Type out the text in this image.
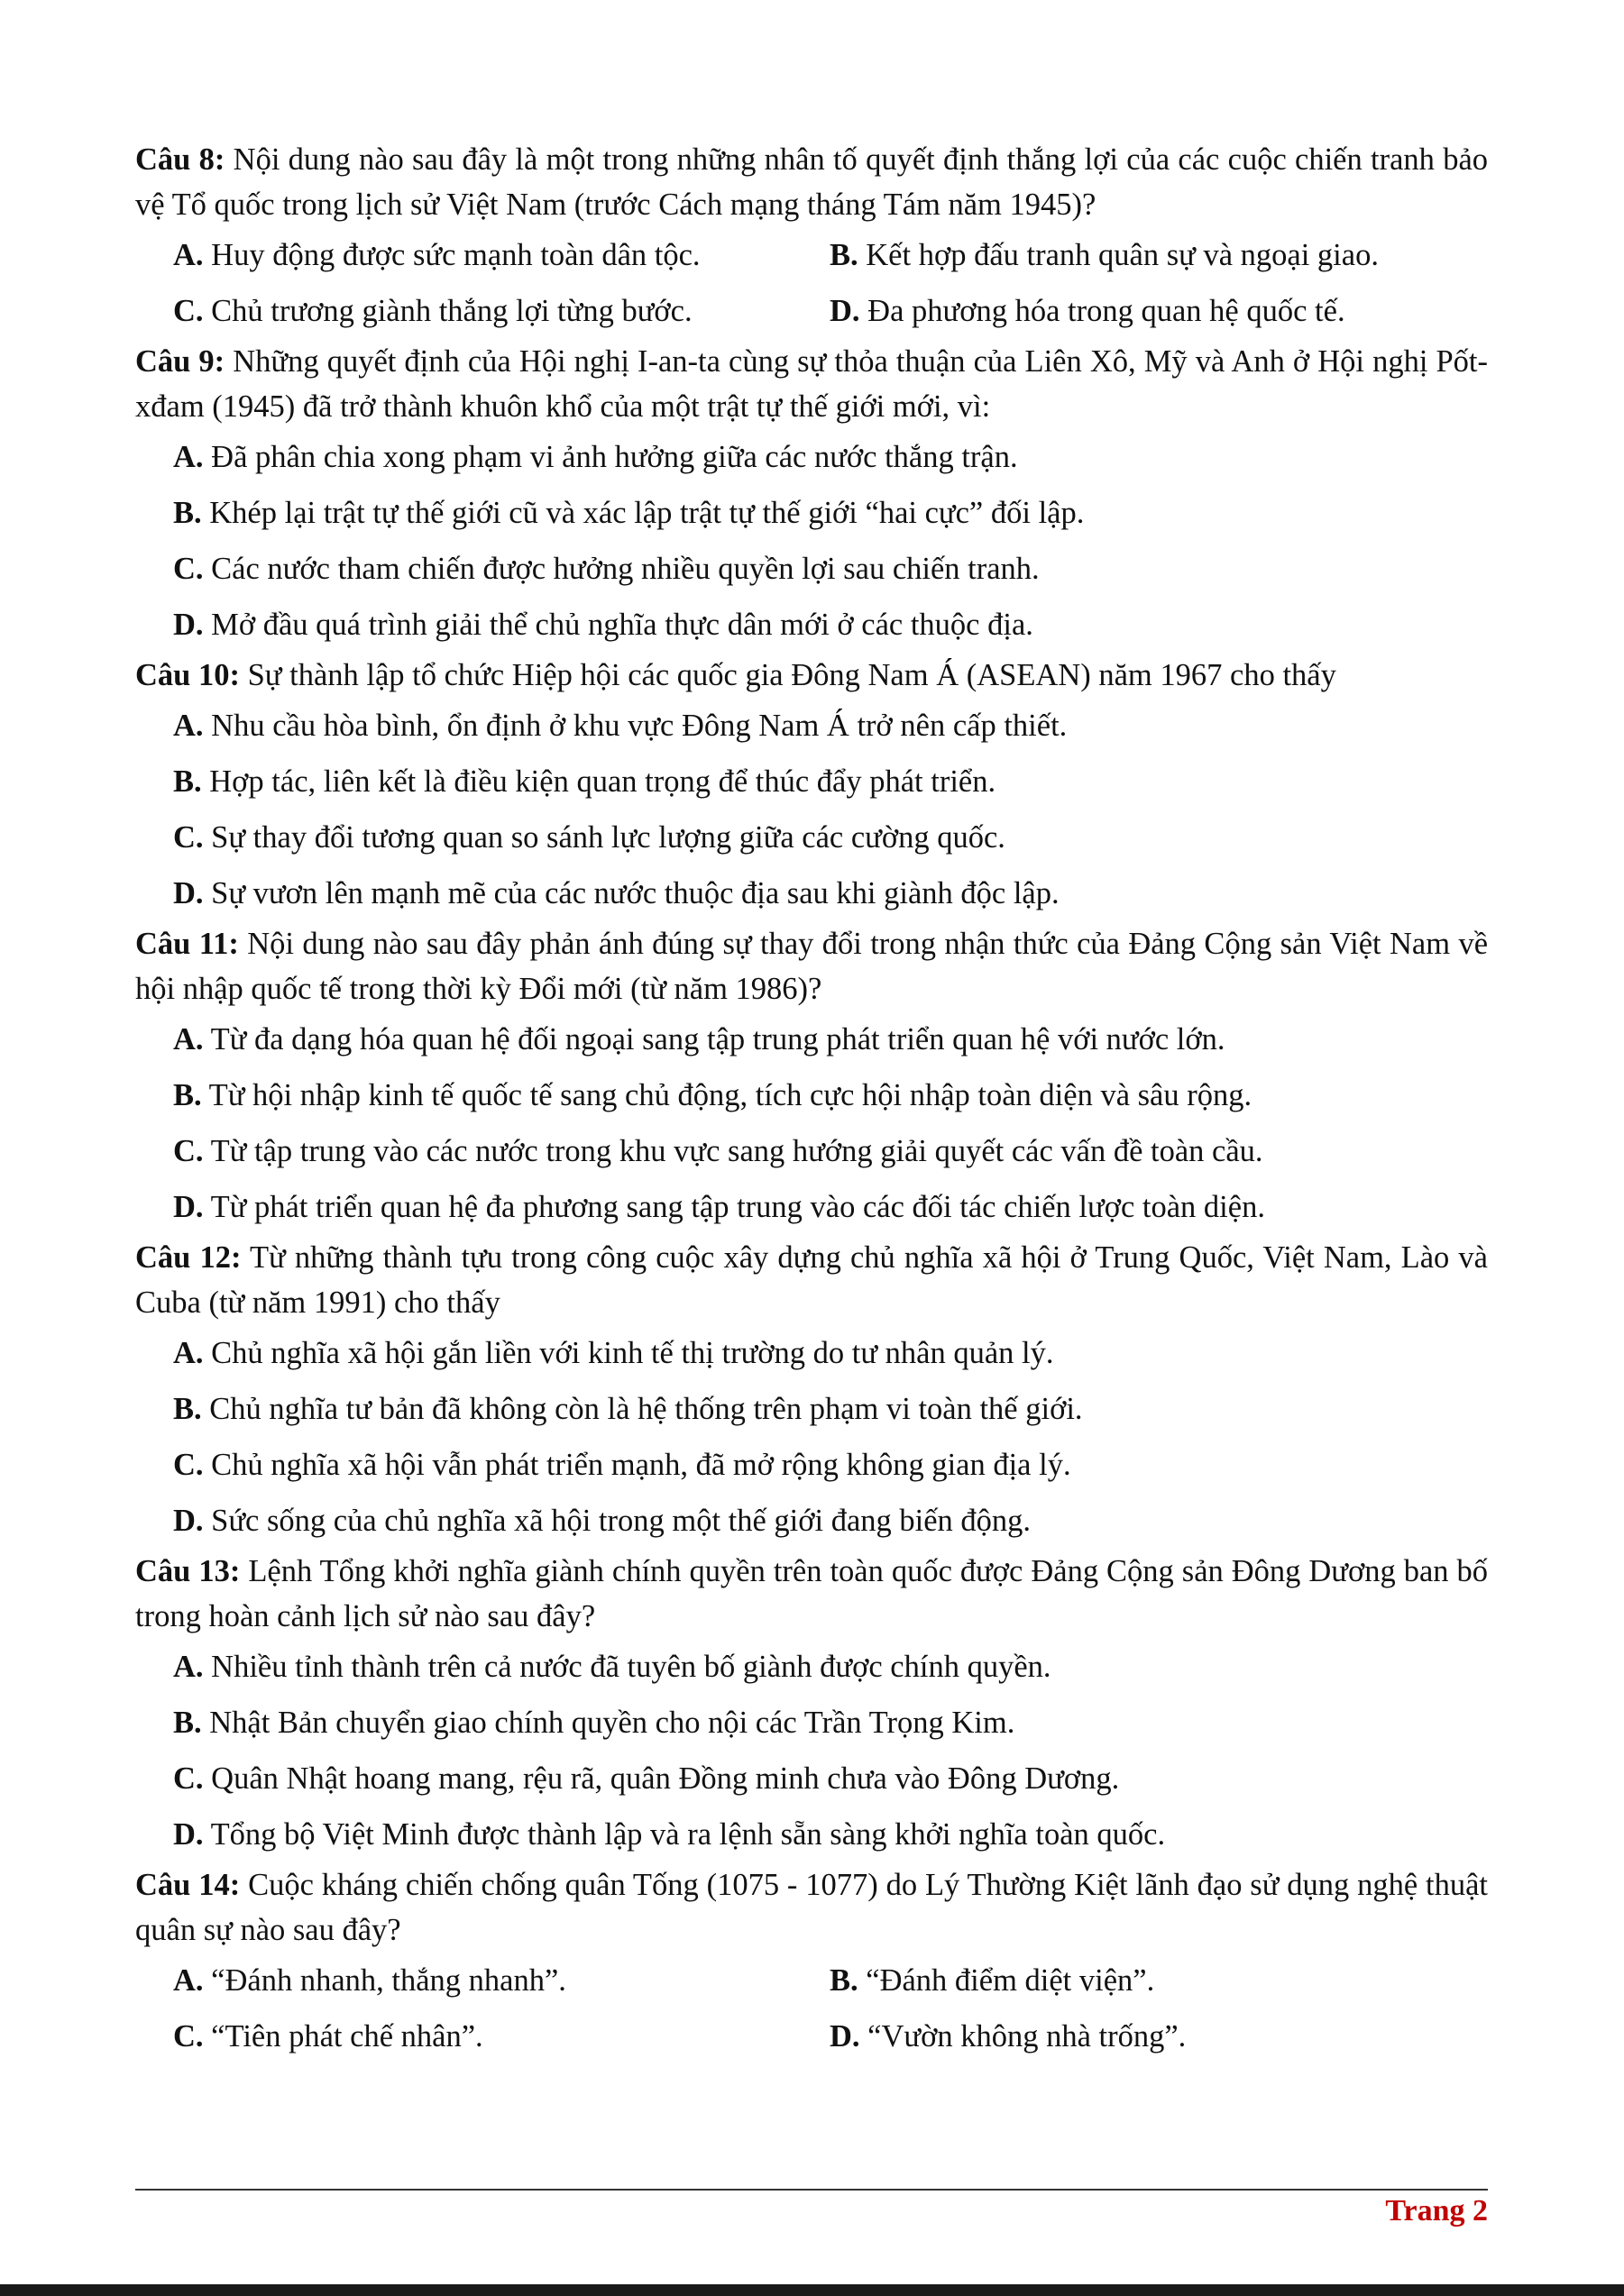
Câu 8: Nội dung nào sau đây là một trong những nhân tố quyết định thắng lợi của các cuộc chiến tranh bảo vệ Tổ quốc trong lịch sử Việt Nam (trước Cách mạng tháng Tám năm 1945)?

A. Huy động được sức mạnh toàn dân tộc.	B. Kết hợp đấu tranh quân sự và ngoại giao.
C. Chủ trương giành thắng lợi từng bước.	D. Đa phương hóa trong quan hệ quốc tế.

Câu 9: Những quyết định của Hội nghị I-an-ta cùng sự thỏa thuận của Liên Xô, Mỹ và Anh ở Hội nghị Pốt-xđam (1945) đã trở thành khuôn khổ của một trật tự thế giới mới, vì:

A. Đã phân chia xong phạm vi ảnh hưởng giữa các nước thắng trận.
B. Khép lại trật tự thế giới cũ và xác lập trật tự thế giới “hai cực” đối lập.
C. Các nước tham chiến được hưởng nhiều quyền lợi sau chiến tranh.
D. Mở đầu quá trình giải thể chủ nghĩa thực dân mới ở các thuộc địa.

Câu 10: Sự thành lập tổ chức Hiệp hội các quốc gia Đông Nam Á (ASEAN) năm 1967 cho thấy

A. Nhu cầu hòa bình, ổn định ở khu vực Đông Nam Á trở nên cấp thiết.
B. Hợp tác, liên kết là điều kiện quan trọng để thúc đẩy phát triển.
C. Sự thay đổi tương quan so sánh lực lượng giữa các cường quốc.
D. Sự vươn lên mạnh mẽ của các nước thuộc địa sau khi giành độc lập.

Câu 11: Nội dung nào sau đây phản ánh đúng sự thay đổi trong nhận thức của Đảng Cộng sản Việt Nam về hội nhập quốc tế trong thời kỳ Đổi mới (từ năm 1986)?

A. Từ đa dạng hóa quan hệ đối ngoại sang tập trung phát triển quan hệ với nước lớn.
B. Từ hội nhập kinh tế quốc tế sang chủ động, tích cực hội nhập toàn diện và sâu rộng.
C. Từ tập trung vào các nước trong khu vực sang hướng giải quyết các vấn đề toàn cầu.
D. Từ phát triển quan hệ đa phương sang tập trung vào các đối tác chiến lược toàn diện.

Câu 12: Từ những thành tựu trong công cuộc xây dựng chủ nghĩa xã hội ở Trung Quốc, Việt Nam, Lào và Cuba (từ năm 1991) cho thấy

A. Chủ nghĩa xã hội gắn liền với kinh tế thị trường do tư nhân quản lý.
B. Chủ nghĩa tư bản đã không còn là hệ thống trên phạm vi toàn thế giới.
C. Chủ nghĩa xã hội vẫn phát triển mạnh, đã mở rộng không gian địa lý.
D. Sức sống của chủ nghĩa xã hội trong một thế giới đang biến động.

Câu 13: Lệnh Tổng khởi nghĩa giành chính quyền trên toàn quốc được Đảng Cộng sản Đông Dương ban bố trong hoàn cảnh lịch sử nào sau đây?

A. Nhiều tỉnh thành trên cả nước đã tuyên bố giành được chính quyền.
B. Nhật Bản chuyển giao chính quyền cho nội các Trần Trọng Kim.
C. Quân Nhật hoang mang, rệu rã, quân Đồng minh chưa vào Đông Dương.
D. Tổng bộ Việt Minh được thành lập và ra lệnh sẵn sàng khởi nghĩa toàn quốc.

Câu 14: Cuộc kháng chiến chống quân Tống (1075 - 1077) do Lý Thường Kiệt lãnh đạo sử dụng nghệ thuật quân sự nào sau đây?

A. “Đánh nhanh, thắng nhanh”.	B. “Đánh điểm diệt viện”.
C. “Tiên phát chế nhân”.	D. “Vườn không nhà trống”.
Trang 2
